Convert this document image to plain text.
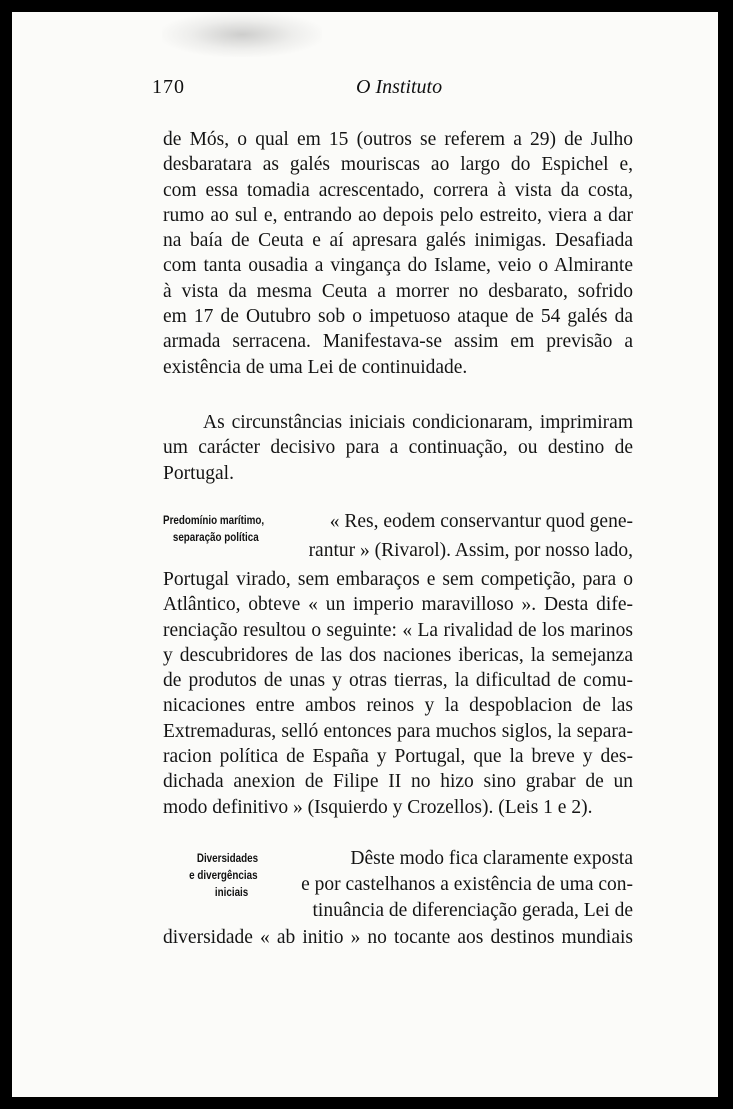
170	O Instituto
de Mós, o qual em 15 (outros se referem a 29) de Julho
desbaratara as galés mouriscas ao largo do Espichel e,
com essa tomadia acrescentado, correra à vista da costa,
rumo ao sul e, entrando ao depois pelo estreito, viera a dar
na baía de Ceuta e aí apresara galés inimigas. Desafiada
com tanta ousadia a vingança do Islame, veio o Almirante
à vista da mesma Ceuta a morrer no desbarato, sofrido
em 17 de Outubro sob o impetuoso ataque de 54 galés da
armada serracena. Manifestava-se assim em previsão a
existência de uma Lei de continuidade.
As circunstâncias iniciais condicionaram, imprimiram
um carácter decisivo para a continuação, ou destino de
Portugal.
Predomínio marítimo,
separação política
« Res, eodem conservantur quod gene-
rantur » (Rivarol). Assim, por nosso lado,
Portugal virado, sem embaraços e sem competição, para o
Atlântico, obteve « un imperio maravilloso ». Desta dife-
renciação resultou o seguinte: « La rivalidad de los marinos
y descubridores de las dos naciones ibericas, la semejanza
de produtos de unas y otras tierras, la dificultad de comu-
nicaciones entre ambos reinos y la despoblacion de las
Extremaduras, selló entonces para muchos siglos, la separa-
racion política de España y Portugal, que la breve y des-
dichada anexion de Filipe II no hizo sino grabar de un
modo definitivo » (Isquierdo y Crozellos). (Leis 1 e 2).
Diversidades
e divergências
iniciais
Dêste modo fica claramente exposta
e por castelhanos a existência de uma con-
tinuância de diferenciação gerada, Lei de
diversidade « ab initio » no tocante aos destinos mundiais
